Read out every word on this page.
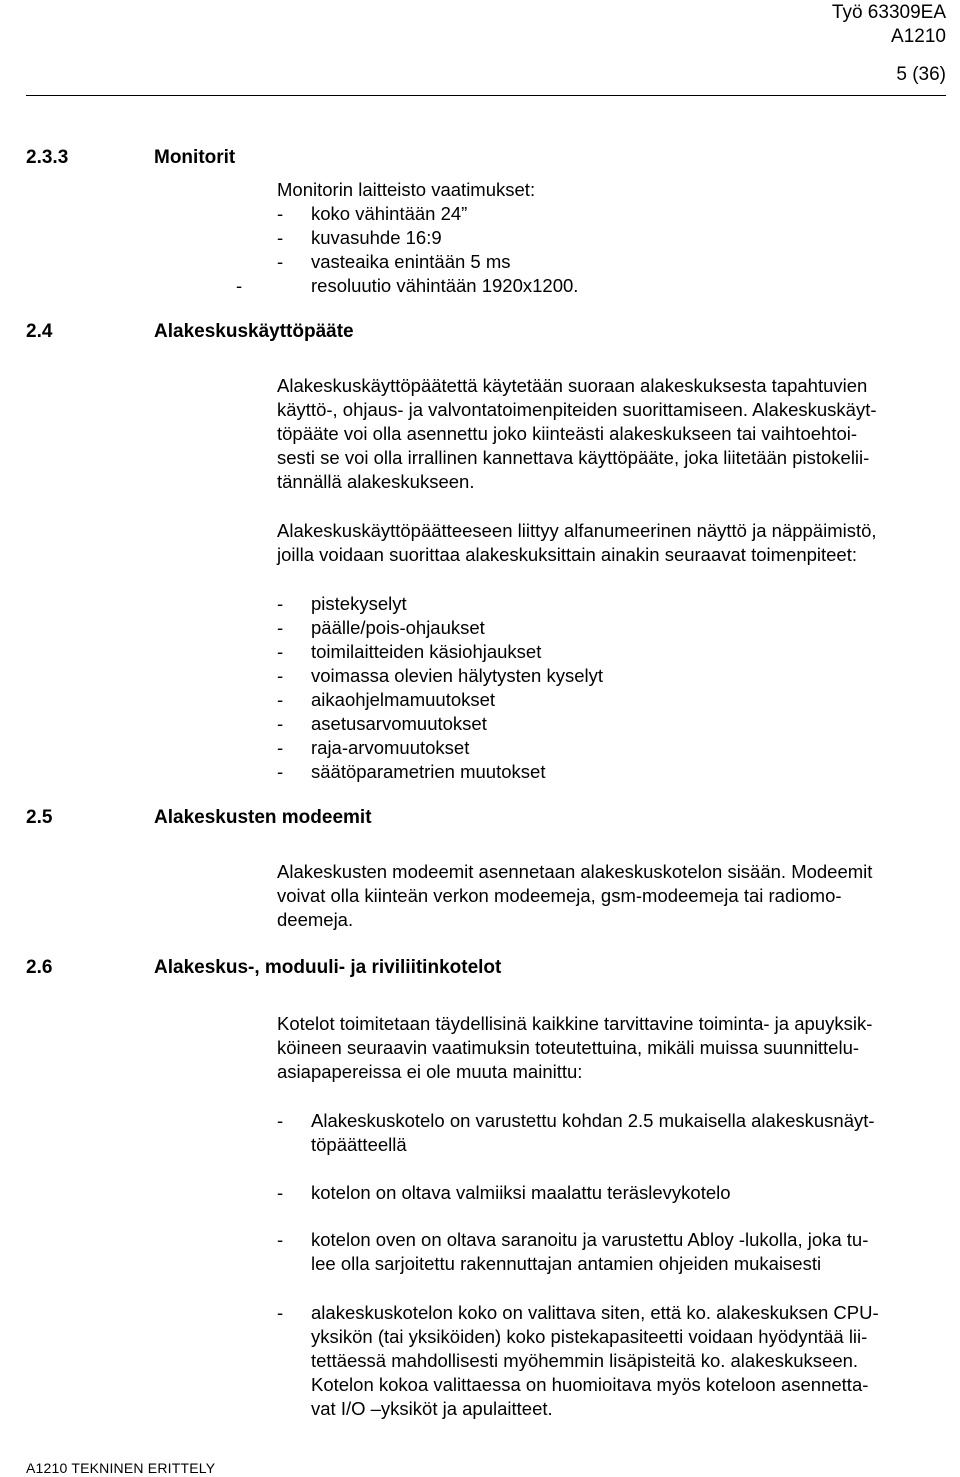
Työ 63309EA
A1210
5 (36)
2.3.3	Monitorit
Monitorin laitteisto vaatimukset:
- koko vähintään 24”
- kuvasuhde 16:9
- vasteaika enintään 5 ms
-	resoluutio vähintään 1920x1200.
2.4	Alakeskuskäyttöpääte
Alakeskuskäyttöpäätettä käytetään suoraan alakeskuksesta tapahtuvien
käyttö-, ohjaus- ja valvontatoimenpiteiden suorittamiseen. Alakeskuskäyt-
töpääte voi olla asennettu joko kiinteästi alakeskukseen tai vaihtoehtoi-
sesti se voi olla irrallinen kannettava käyttöpääte, joka liitetään pistokelii-
tännällä alakeskukseen.
Alakeskuskäyttöpäätteeseen liittyy alfanumeerinen näyttö ja näppäimistö,
joilla voidaan suorittaa alakeskuksittain ainakin seuraavat toimenpiteet:
- pistekyselyt
- päälle/pois-ohjaukset
- toimilaitteiden käsiohjaukset
- voimassa olevien hälytysten kyselyt
- aikaohjelmamuutokset
- asetusarvomuutokset
- raja-arvomuutokset
- säätöparametrien muutokset
2.5	Alakeskusten modeemit
Alakeskusten modeemit asennetaan alakeskuskotelon sisään. Modeemit
voivat olla kiinteän verkon modeemeja, gsm-modeemeja tai radiomo-
deemeja.
2.6	Alakeskus-, moduuli- ja riviliitinkotelot
Kotelot toimitetaan täydellisinä kaikkine tarvittavine toiminta- ja apuyksik-
köineen seuraavin vaatimuksin toteutettuina, mikäli muissa suunnittelu-
asiapapereissa ei ole muuta mainittu:
- Alakeskuskotelo on varustettu kohdan 2.5 mukaisella alakeskusnäyt-
töpäätteellä
- kotelon on oltava valmiiksi maalattu teräslevykotelo
- kotelon oven on oltava saranoitu ja varustettu Abloy -lukolla, joka tu-
lee olla sarjoitettu rakennuttajan antamien ohjeiden mukaisesti
- alakeskuskotelon koko on valittava siten, että ko. alakeskuksen CPU-
yksikön (tai yksiköiden) koko pistekapasiteetti voidaan hyödyntää lii-
tettäessä mahdollisesti myöhemmin lisäpisteitä ko. alakeskukseen.
Kotelon kokoa valittaessa on huomioitava myös koteloon asennetta-
vat I/O –yksiköt ja apulaitteet.
A1210 TEKNINEN ERITTELY
